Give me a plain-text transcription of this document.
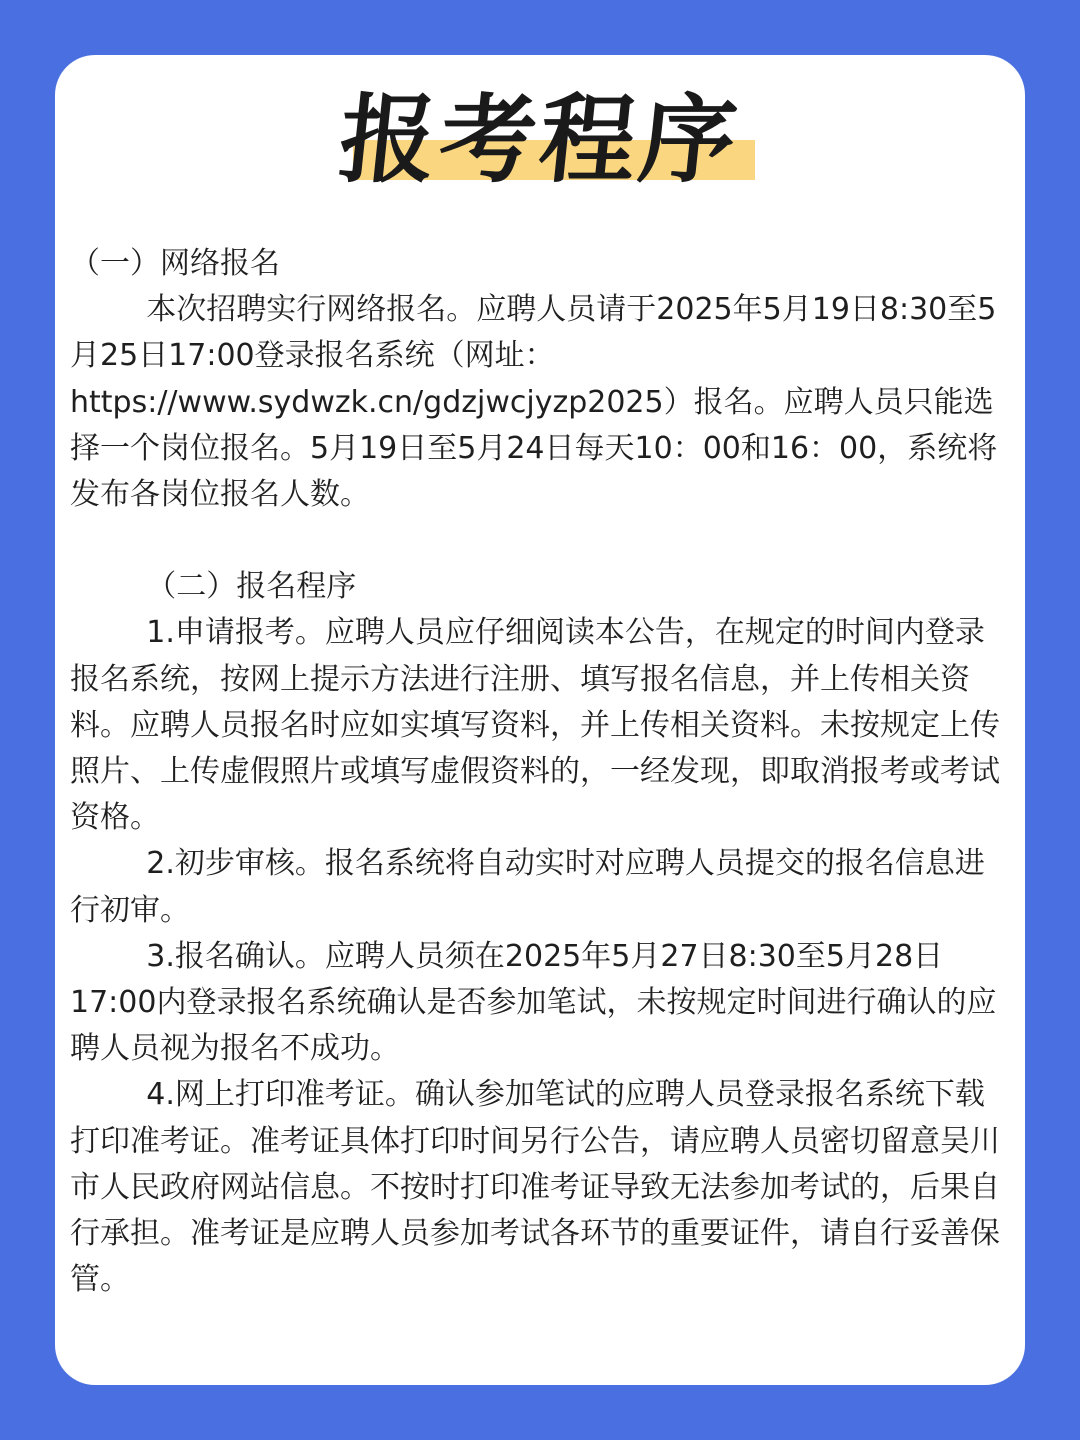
报考程序

（一）网络报名

本次招聘实行网络报名。应聘人员请于2025年5月19日8:30至5月25日17:00登录报名系统（网址：https://www.sydwzk.cn/gdzjwcjyzp2025）报名。应聘人员只能选择一个岗位报名。5月19日至5月24日每天10：00和16：00，系统将发布各岗位报名人数。

（二）报名程序

1.申请报考。应聘人员应仔细阅读本公告，在规定的时间内登录报名系统，按网上提示方法进行注册、填写报名信息，并上传相关资料。应聘人员报名时应如实填写资料，并上传相关资料。未按规定上传照片、上传虚假照片或填写虚假资料的，一经发现，即取消报考或考试资格。

2.初步审核。报名系统将自动实时对应聘人员提交的报名信息进行初审。

3.报名确认。应聘人员须在2025年5月27日8:30至5月28日17:00内登录报名系统确认是否参加笔试，未按规定时间进行确认的应聘人员视为报名不成功。

4.网上打印准考证。确认参加笔试的应聘人员登录报名系统下载打印准考证。准考证具体打印时间另行公告，请应聘人员密切留意吴川市人民政府网站信息。不按时打印准考证导致无法参加考试的，后果自行承担。准考证是应聘人员参加考试各环节的重要证件，请自行妥善保管。
